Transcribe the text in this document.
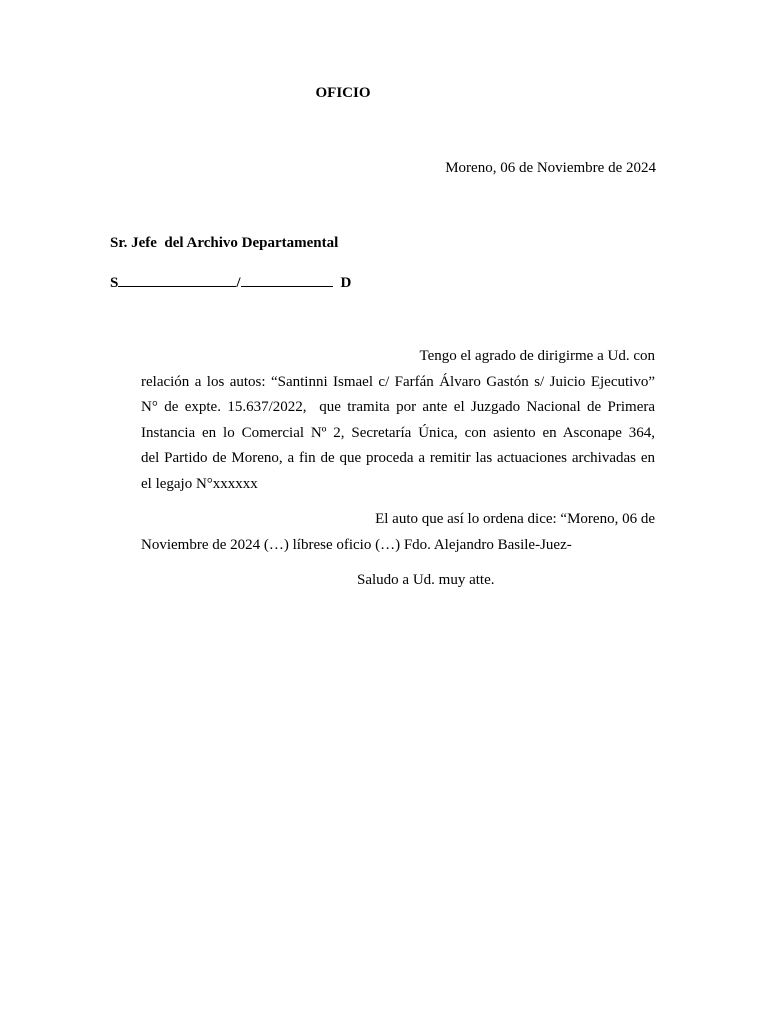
OFICIO
Moreno, 06 de Noviembre de 2024
Sr. Jefe  del Archivo Departamental
S	/	D
Tengo el agrado de dirigirme a Ud. con
relación a los autos: “Santinni Ismael c/ Farfán Álvaro Gastón s/ Juicio Ejecutivo”
N° de expte. 15.637/2022,  que tramita por ante el Juzgado Nacional de Primera
Instancia en lo Comercial Nº 2, Secretaría Única, con asiento en Asconape 364,
del Partido de Moreno, a fin de que proceda a remitir las actuaciones archivadas en
el legajo N°xxxxxx
El auto que así lo ordena dice: “Moreno, 06 de
Noviembre de 2024 (…) líbrese oficio (…) Fdo. Alejandro Basile-Juez-
Saludo a Ud. muy atte.
